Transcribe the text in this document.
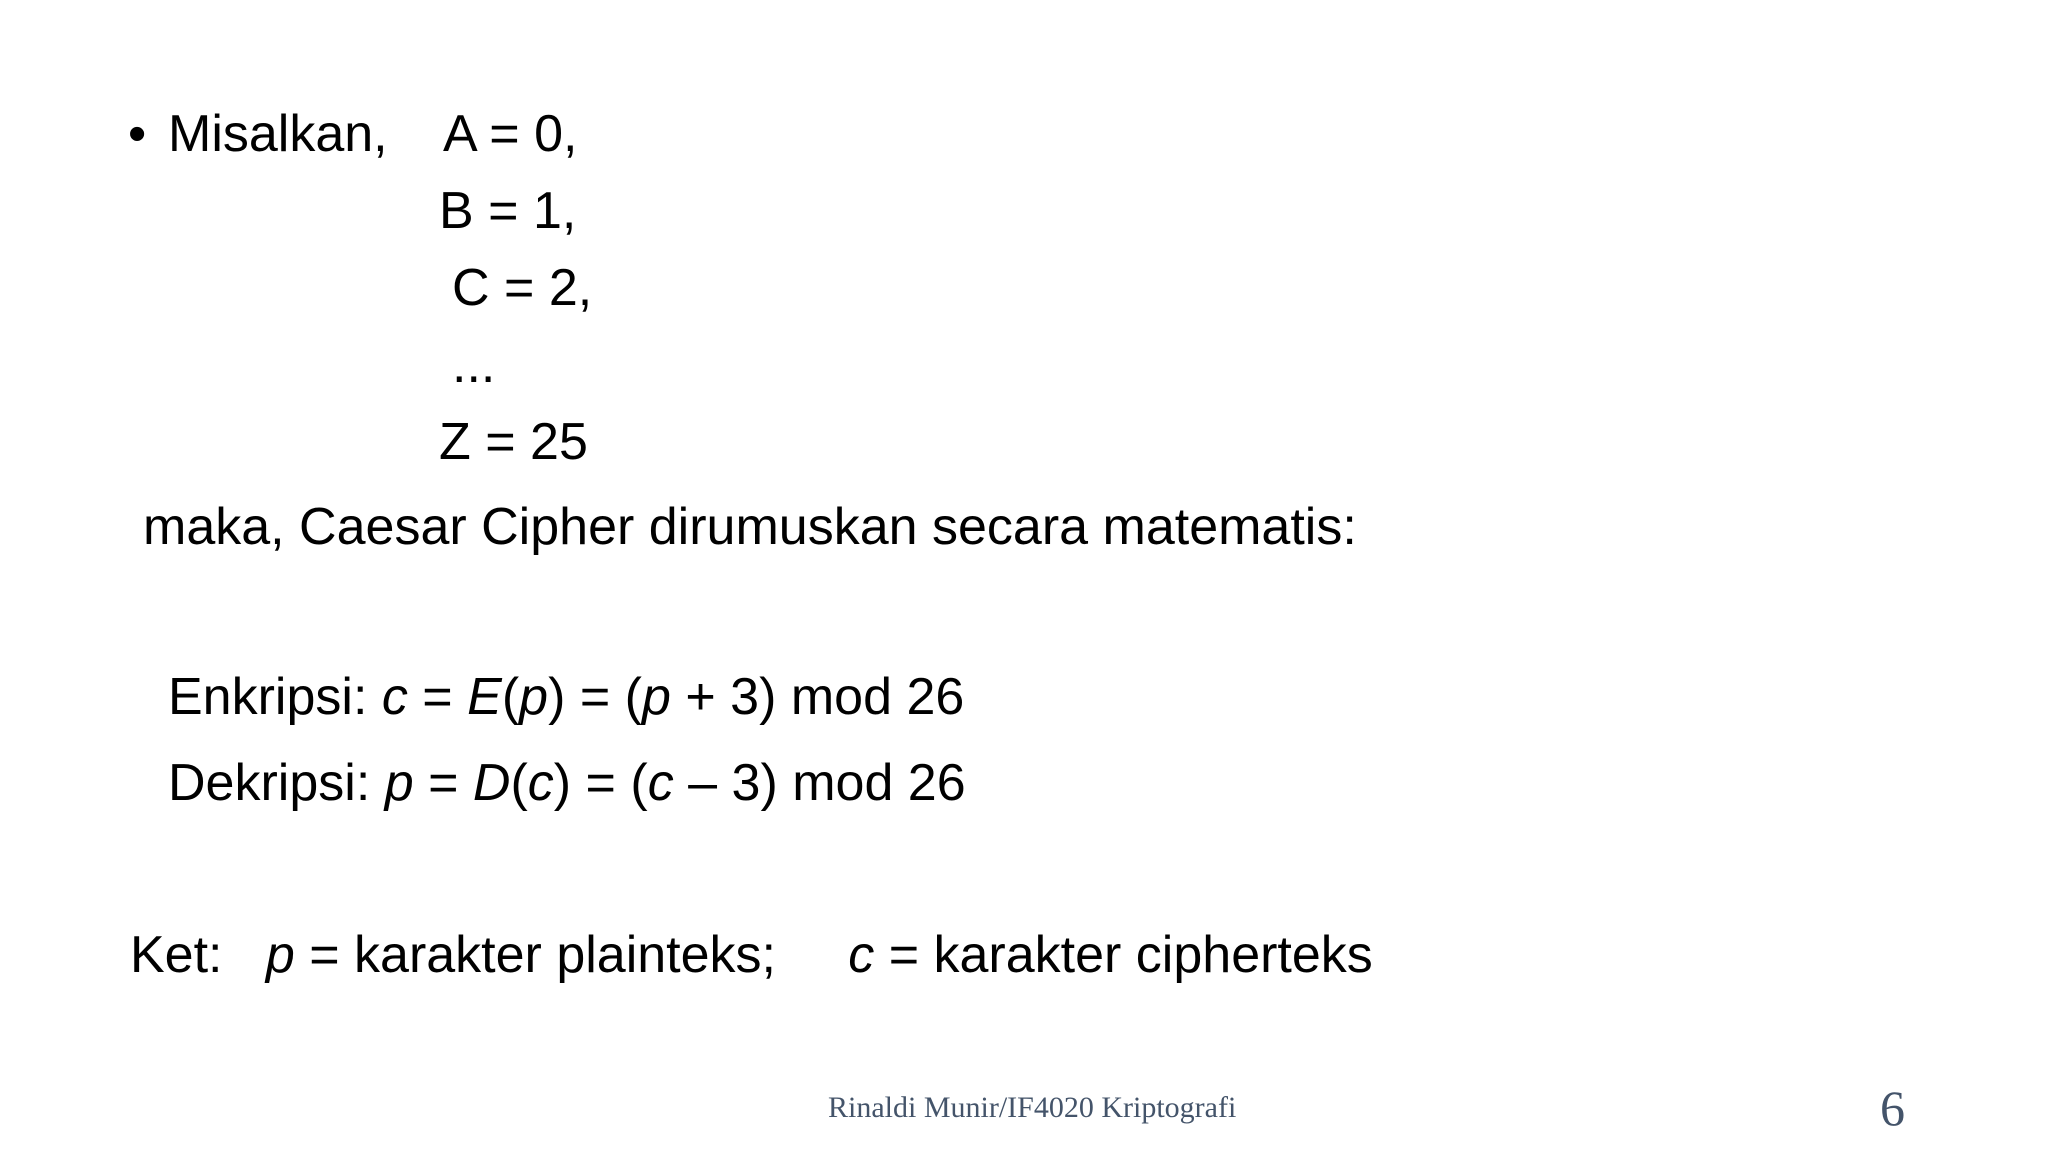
• Misalkan, A = 0,
B = 1,
C = 2,
...
Z = 25
maka, Caesar Cipher dirumuskan secara matematis:
Enkripsi: c = E(p) = (p + 3) mod 26
Dekripsi: p = D(c) = (c – 3) mod 26
Ket: p = karakter plainteks; c = karakter cipherteks
Rinaldi Munir/IF4020 Kriptografi	6
